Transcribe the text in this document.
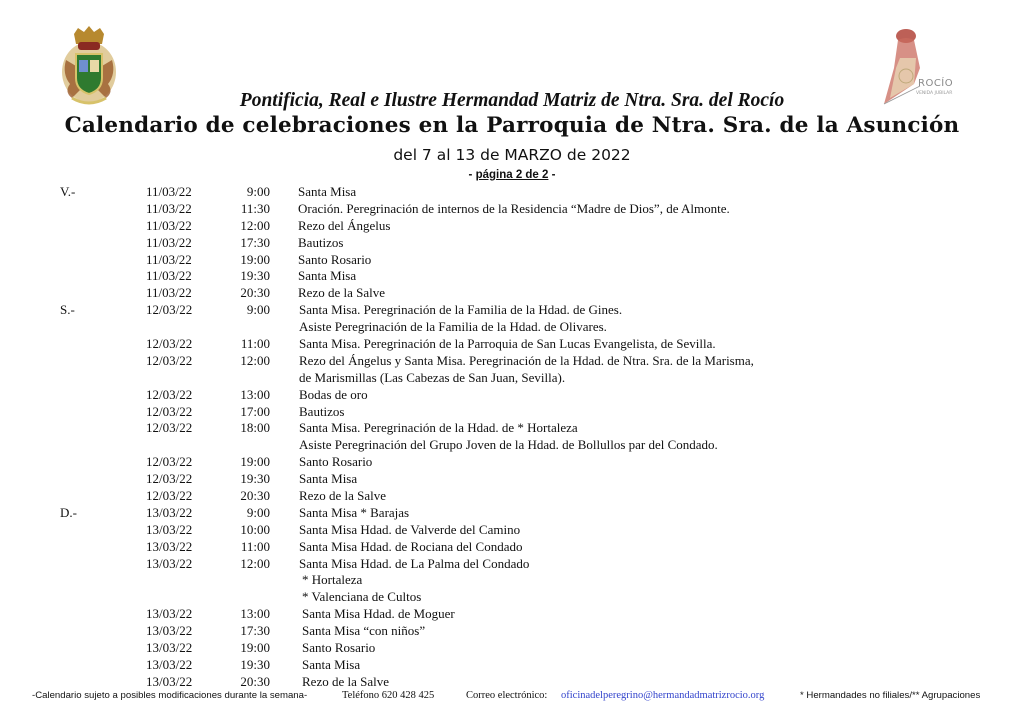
ROCÍO
VENIDA JUBILAR
Pontificia, Real e Ilustre Hermandad Matriz de Ntra. Sra. del Rocío
Calendario de celebraciones en la Parroquia de Ntra. Sra. de la Asunción
del 7 al 13 de MARZO de 2022
- página 2 de 2 -
V.-	11/03/22	9:00 Santa Misa
11/03/22	11:30 Oración. Peregrinación de internos de la Residencia “Madre de Dios”, de Almonte.
11/03/22	12:00 Rezo del Ángelus
11/03/22	17:30 Bautizos
11/03/22	19:00 Santo Rosario
11/03/22	19:30 Santa Misa
11/03/22	20:30 Rezo de la Salve
S.-	12/03/22	9:00 Santa Misa. Peregrinación de la Familia de la Hdad. de Gines.
Asiste Peregrinación de la Familia de la Hdad. de Olivares.
12/03/22	11:00 Santa Misa. Peregrinación de la Parroquia de San Lucas Evangelista, de Sevilla.
12/03/22	12:00 Rezo del Ángelus y Santa Misa. Peregrinación de la Hdad. de Ntra. Sra. de la Marisma,
de Marismillas (Las Cabezas de San Juan, Sevilla).
12/03/22	13:00 Bodas de oro
12/03/22	17:00 Bautizos
12/03/22	18:00 Santa Misa. Peregrinación de la Hdad. de * Hortaleza
Asiste Peregrinación del Grupo Joven de la Hdad. de Bollullos par del Condado.
12/03/22	19:00 Santo Rosario
12/03/22	19:30 Santa Misa
12/03/22	20:30 Rezo de la Salve
D.-	13/03/22	9:00 Santa Misa * Barajas
13/03/22	10:00 Santa Misa Hdad. de Valverde del Camino
13/03/22	11:00 Santa Misa Hdad. de Rociana del Condado
13/03/22	12:00 Santa Misa Hdad. de La Palma del Condado
* Hortaleza
* Valenciana de Cultos
13/03/22	13:00 Santa Misa Hdad. de Moguer
13/03/22	17:30 Santa Misa “con niños”
13/03/22	19:00 Santo Rosario
13/03/22	19:30 Santa Misa
13/03/22	20:30 Rezo de la Salve
-Calendario sujeto a posibles modificaciones durante la semana-	Teléfono 620 428 425	Correo electrónico: oficinadelperegrino@hermandadmatrizrocio.org	* Hermandades no filiales/** Agrupaciones
